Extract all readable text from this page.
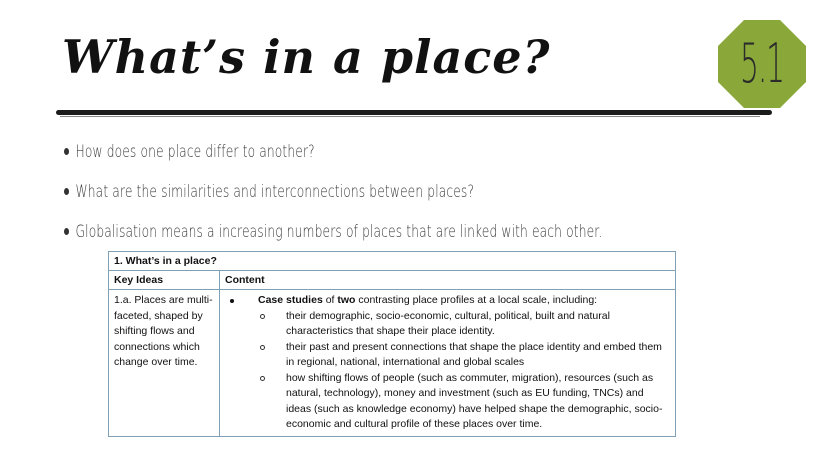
What’s in a place?	5.1
How does one place differ to another?
What are the similarities and interconnections between places?
Globalisation means a increasing numbers of places that are linked with each other.
1. What’s in a place?	
Key Ideas	Content
1.a. Places are multi-faceted, shaped by shifting flows and connections which change over time.	Case studies of two contrasting place profiles at a local scale, including:
their demographic, socio-economic, cultural, political, built and natural characteristics that shape their place identity.
their past and present connections that shape the place identity and embed them in regional, national, international and global scales
how shifting flows of people (such as commuter, migration), resources (such as natural, technology), money and investment (such as EU funding, TNCs) and ideas (such as knowledge economy) have helped shape the demographic, socio-economic and cultural profile of these places over time.
